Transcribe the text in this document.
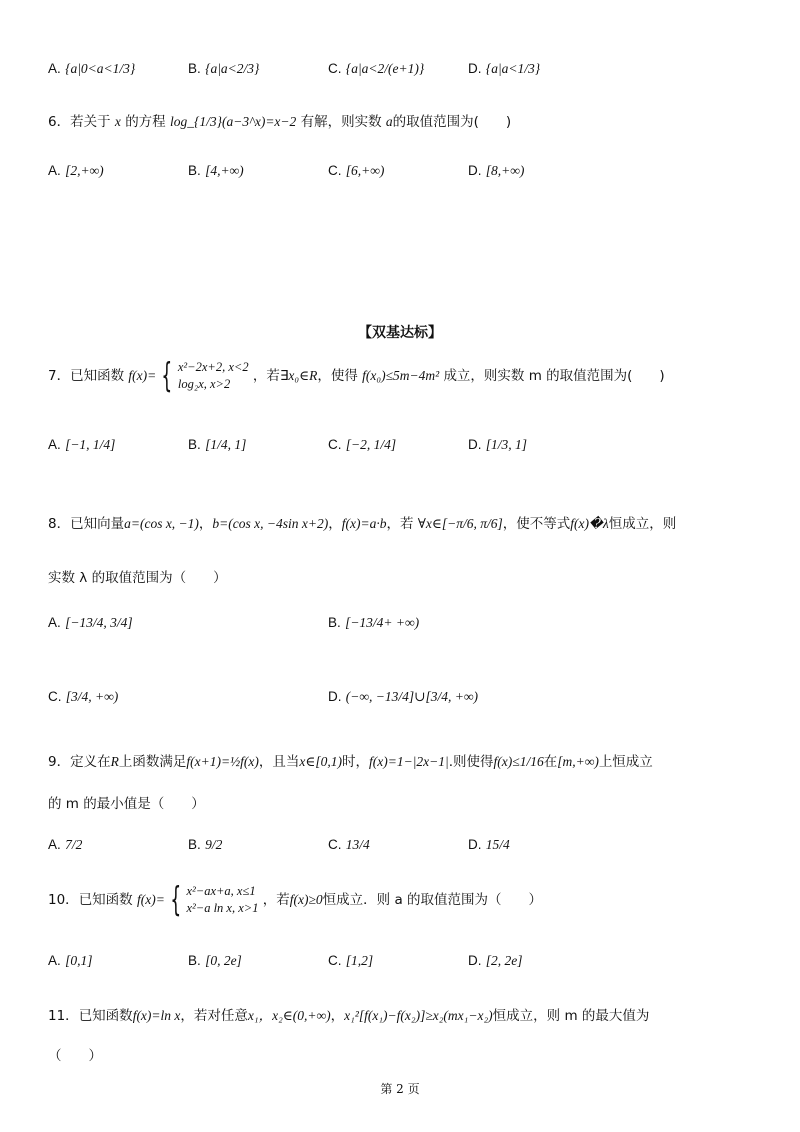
A. {a|0<a<1/3}	B. {a|a<2/3}	C. {a|a<2/(e+1)}	D. {a|a<1/3}
6．若关于 x 的方程 log_{1/3}(a−3^x)=x−2 有解，则实数 a的取值范围为(　　)
A. [2,+∞)	B. [4,+∞)	C. [6,+∞)	D. [8,+∞)
【双基达标】
7．已知函数 f(x)= { x²−2x+2, x<2
log₂x, x>2	，若∃x₀∈R，使得 f(x₀)≤5m−4m² 成立，则实数 m 的取值范围为(　　)
A. [−1, 1/4]	B. [1/4, 1]	C. [−2, 1/4]	D. [1/3, 1]
8．已知向量a=(cos x, −1)，b=(cos x, −4sin x+2)，f(x)=a·b，若 ∀x∈[−π/6, π/6]，使不等式f(x)�λ恒成立，则
实数 λ 的取值范围为（　　）
A. [−13/4, 3/4]	B. [−13/4+ +∞)
C. [3/4, +∞)	D. (−∞, −13/4]∪[3/4, +∞)
9．定义在R上函数满足f(x+1)=½f(x)，且当x∈[0,1)时，f(x)=1−|2x−1|.则使得f(x)≤1/16在[m,+∞)上恒成立
的 m 的最小值是（　　）
A. 7/2	B. 9/2	C. 13/4	D. 15/4
10．已知函数 f(x)= { x²−ax+a, x≤1
x²−a ln x, x>1 ，若f(x)≥0恒成立．则 a 的取值范围为（　　）
A. [0,1]	B. [0, 2e]	C. [1,2]	D. [2, 2e]
11．已知函数f(x)=ln x，若对任意x₁，x₂∈(0,+∞)，x₁²[f(x₁)−f(x₂)]≥x₂(mx₁−x₂)恒成立，则 m 的最大值为
（　　）
第 2 页
